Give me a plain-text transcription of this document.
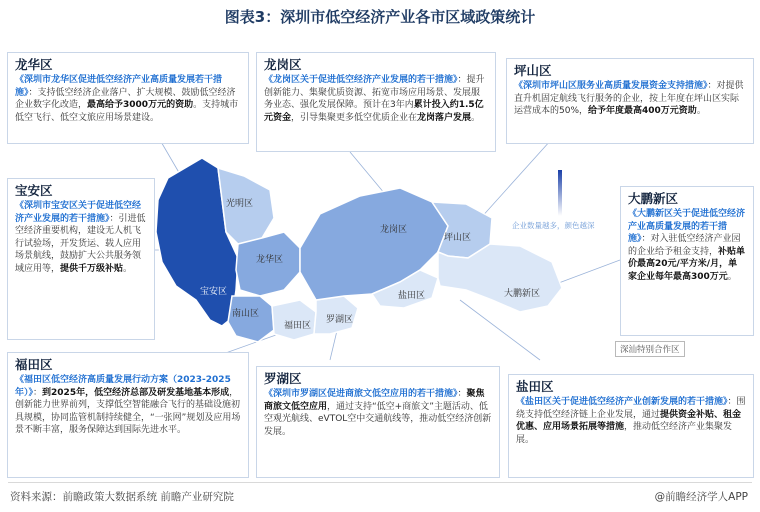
图表3：深圳市低空经济产业各市区域政策统计
光明区
龙华区
龙岗区
坪山区
大鹏新区
盐田区
罗湖区
福田区
南山区
宝安区
企业数量越多，颜色越深
深汕特别合作区
龙华区
《深圳市龙华区促进低空经济产业高质量发展若干措施》：支持低空经济企业落户、扩大规模、鼓励低空经济企业数字化改造，最高给予3000万元的资助。支持城市低空飞行、低空文旅应用场景建设。
龙岗区
《龙岗区关于促进低空经济产业发展的若干措施》：提升创新能力、集聚优质资源、拓宽市场应用场景、发展服务业态、强化发展保障。预计在3年内累计投入约1.5亿元资金，引导集聚更多低空优质企业在龙岗落户发展。
坪山区
《深圳市坪山区服务业高质量发展资金支持措施》：对提供直升机固定航线飞行服务的企业，按上年度在坪山区实际运营成本的50%，给予年度最高400万元资助。
宝安区
《深圳市宝安区关于促进低空经济产业发展的若干措施》：引进低空经济重要机构，建设无人机飞行试验场，开发货运、载人应用场景航线，鼓励扩大公共服务领域应用等，提供千万级补贴。
大鹏新区
《大鹏新区关于促进低空经济产业高质量发展的若干措施》：对入驻低空经济产业园的企业给予租金支持，补贴单价最高20元/平方米/月，单家企业每年最高300万元。
福田区
《福田区低空经济高质量发展行动方案（2023-2025年）》：到2025年，低空经济总部及研发基地基本形成，创新能力世界前列，支撑低空智能融合飞行的基础设施初具规模，协同监管机制持续健全，“一张网”规划及应用场景不断丰富，服务保障达到国际先进水平。
罗湖区
《深圳市罗湖区促进商旅文低空应用的若干措施》：聚焦商旅文低空应用，通过支持“低空+商旅文”主题活动、低空观光航线、eVTOL空中交通航线等，推动低空经济创新发展。
盐田区
《盐田区关于促进低空经济产业创新发展的若干措施》：围绕支持低空经济链上企业发展，通过提供资金补贴、租金优惠、应用场景拓展等措施，推动低空经济产业集聚发展。
资料来源：前瞻政策大数据系统 前瞻产业研究院	@前瞻经济学人APP
